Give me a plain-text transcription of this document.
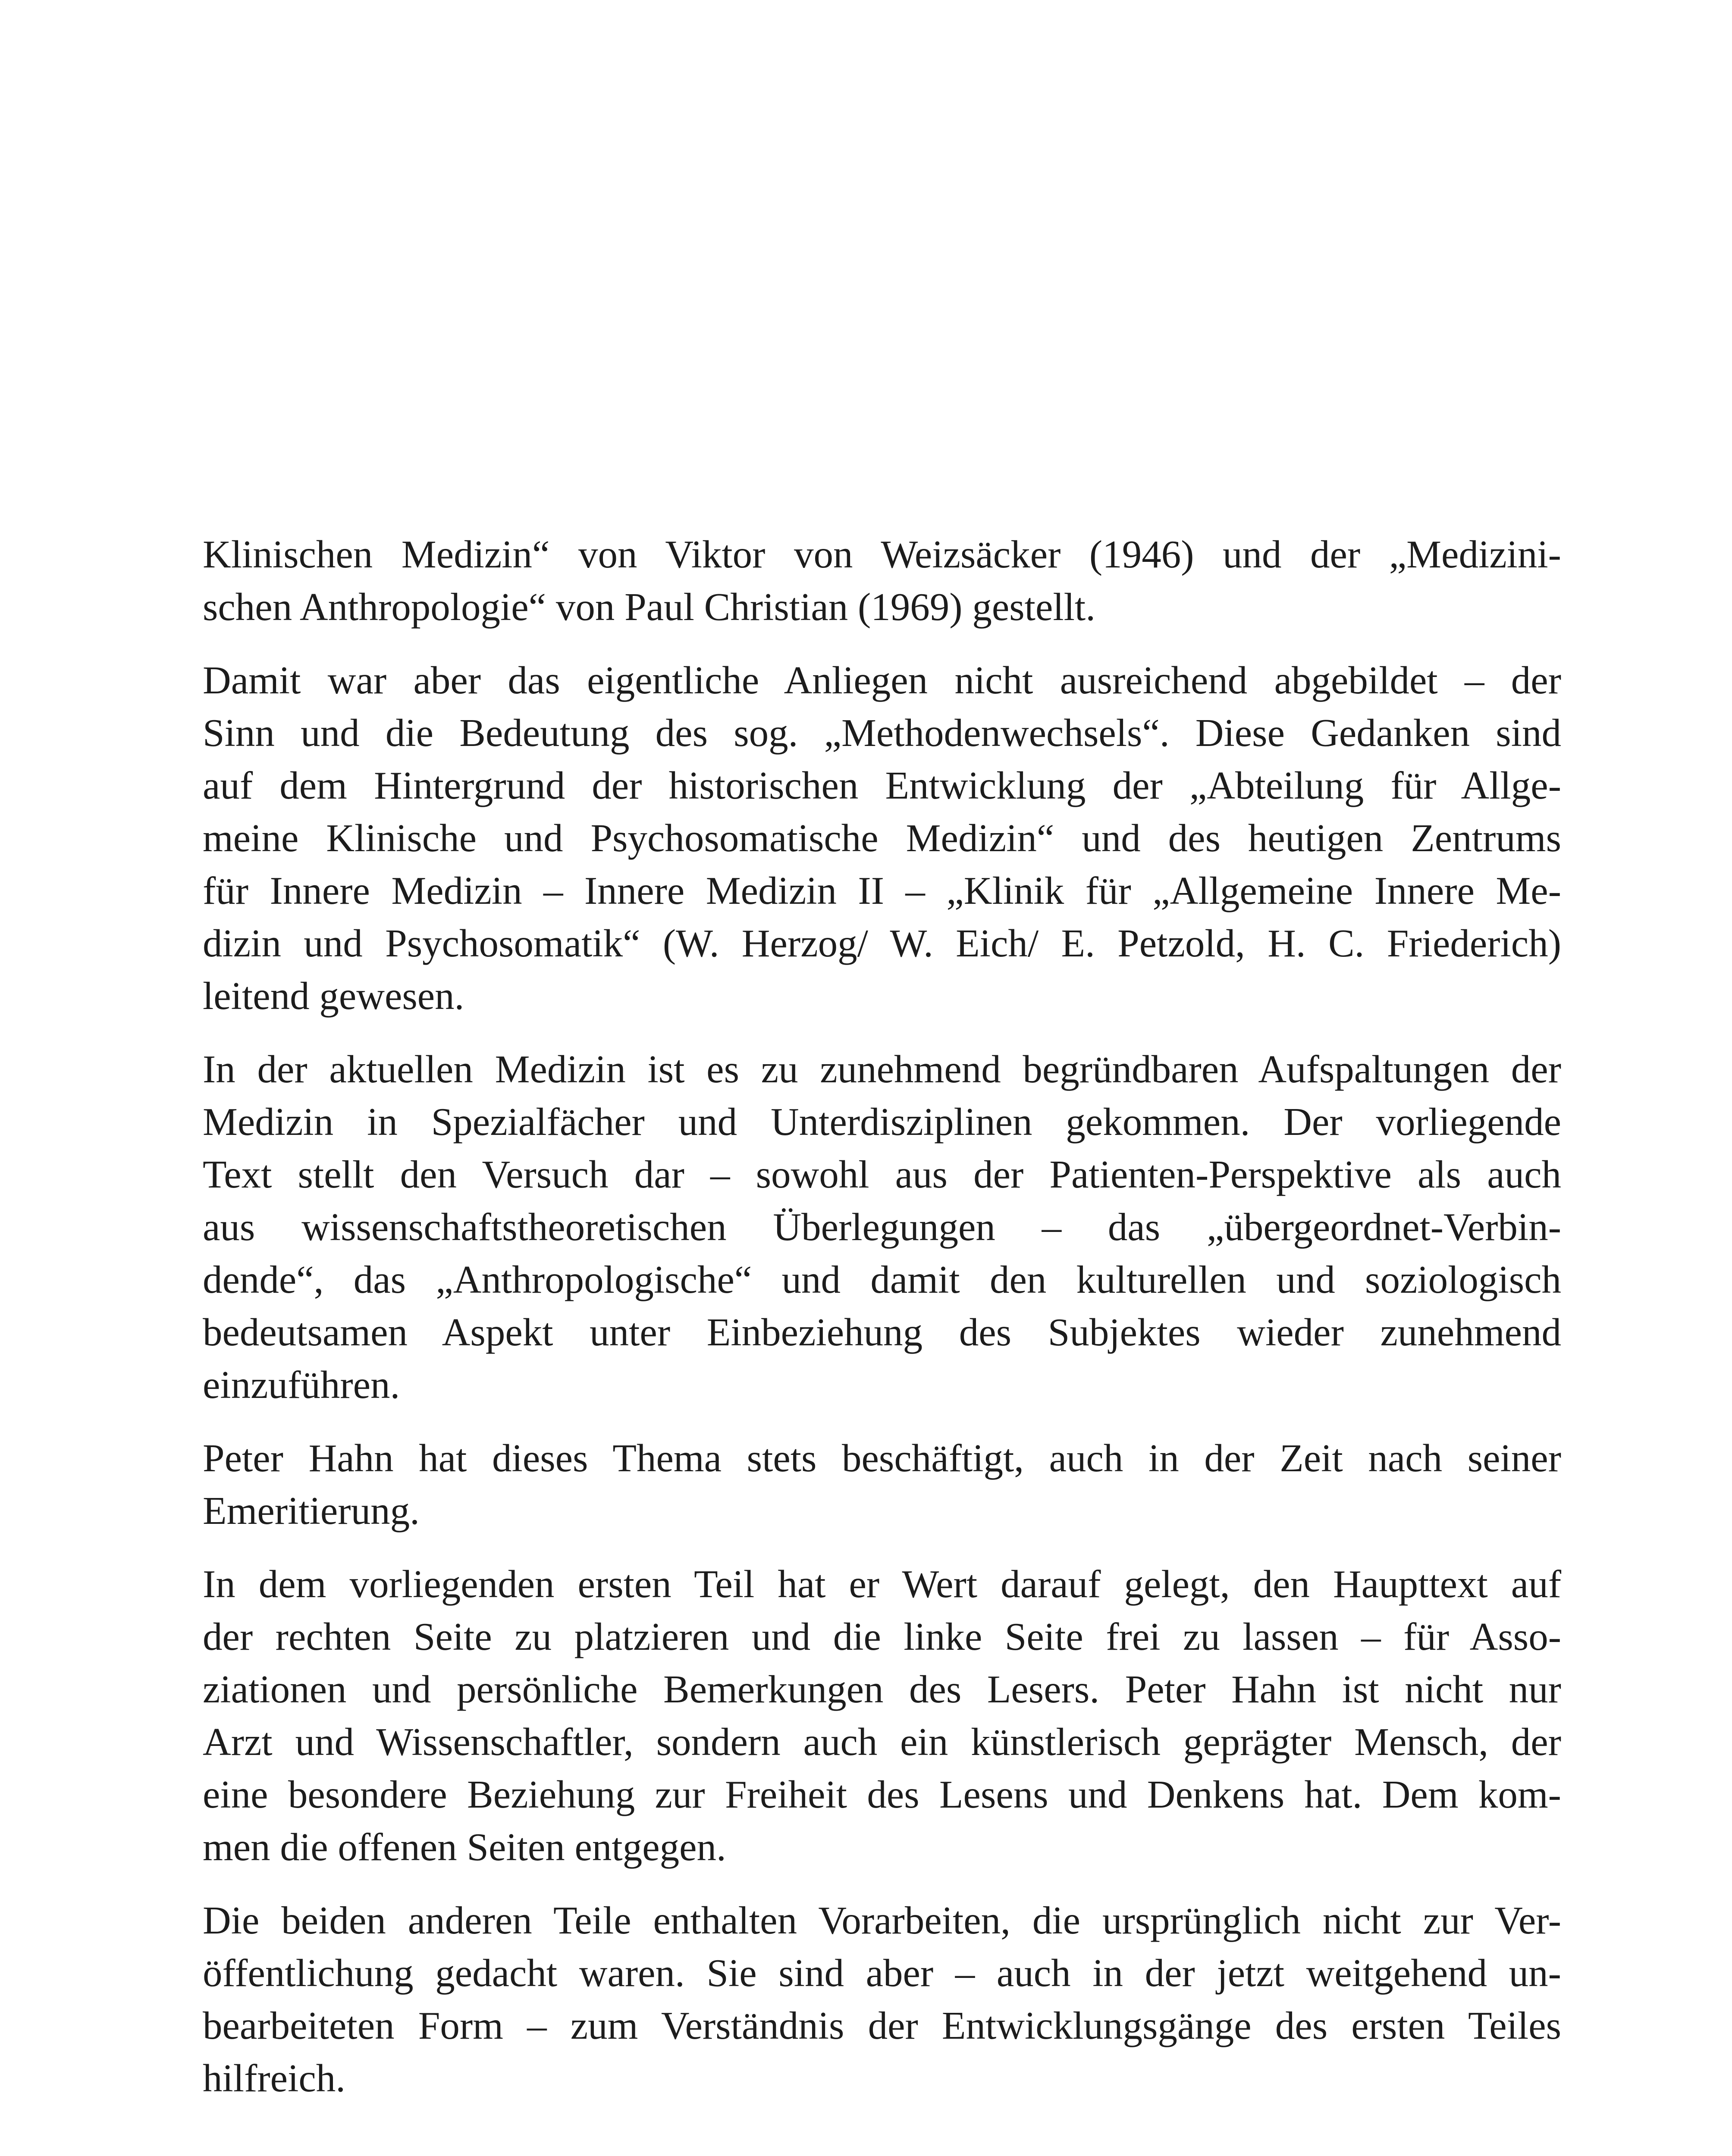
Klinischen Medizin“ von Viktor von Weizsäcker (1946) und der „Medizini-
schen Anthropologie“ von Paul Christian (1969) gestellt.
Damit war aber das eigentliche Anliegen nicht ausreichend abgebildet – der
Sinn und die Bedeutung des sog. „Methodenwechsels“. Diese Gedanken sind
auf dem Hintergrund der historischen Entwicklung der „Abteilung für Allge-
meine Klinische und Psychosomatische Medizin“ und des heutigen Zentrums
für Innere Medizin – Innere Medizin II – „Klinik für „Allgemeine Innere Me-
dizin und Psychosomatik“ (W. Herzog/ W. Eich/ E. Petzold, H. C. Friederich)
leitend gewesen.
In der aktuellen Medizin ist es zu zunehmend begründbaren Aufspaltungen der
Medizin in Spezialfächer und Unterdisziplinen gekommen. Der vorliegende
Text stellt den Versuch dar – sowohl aus der Patienten-Perspektive als auch
aus wissenschaftstheoretischen Überlegungen – das „übergeordnet-Verbin-
dende“, das „Anthropologische“ und damit den kulturellen und soziologisch
bedeutsamen Aspekt unter Einbeziehung des Subjektes wieder zunehmend
einzuführen.
Peter Hahn hat dieses Thema stets beschäftigt, auch in der Zeit nach seiner
Emeritierung.
In dem vorliegenden ersten Teil hat er Wert darauf gelegt, den Haupttext auf
der rechten Seite zu platzieren und die linke Seite frei zu lassen – für Asso-
ziationen und persönliche Bemerkungen des Lesers. Peter Hahn ist nicht nur
Arzt und Wissenschaftler, sondern auch ein künstlerisch geprägter Mensch, der
eine besondere Beziehung zur Freiheit des Lesens und Denkens hat. Dem kom-
men die offenen Seiten entgegen.
Die beiden anderen Teile enthalten Vorarbeiten, die ursprünglich nicht zur Ver-
öffentlichung gedacht waren. Sie sind aber – auch in der jetzt weitgehend un-
bearbeiteten Form – zum Verständnis der Entwicklungsgänge des ersten Teiles
hilfreich.
